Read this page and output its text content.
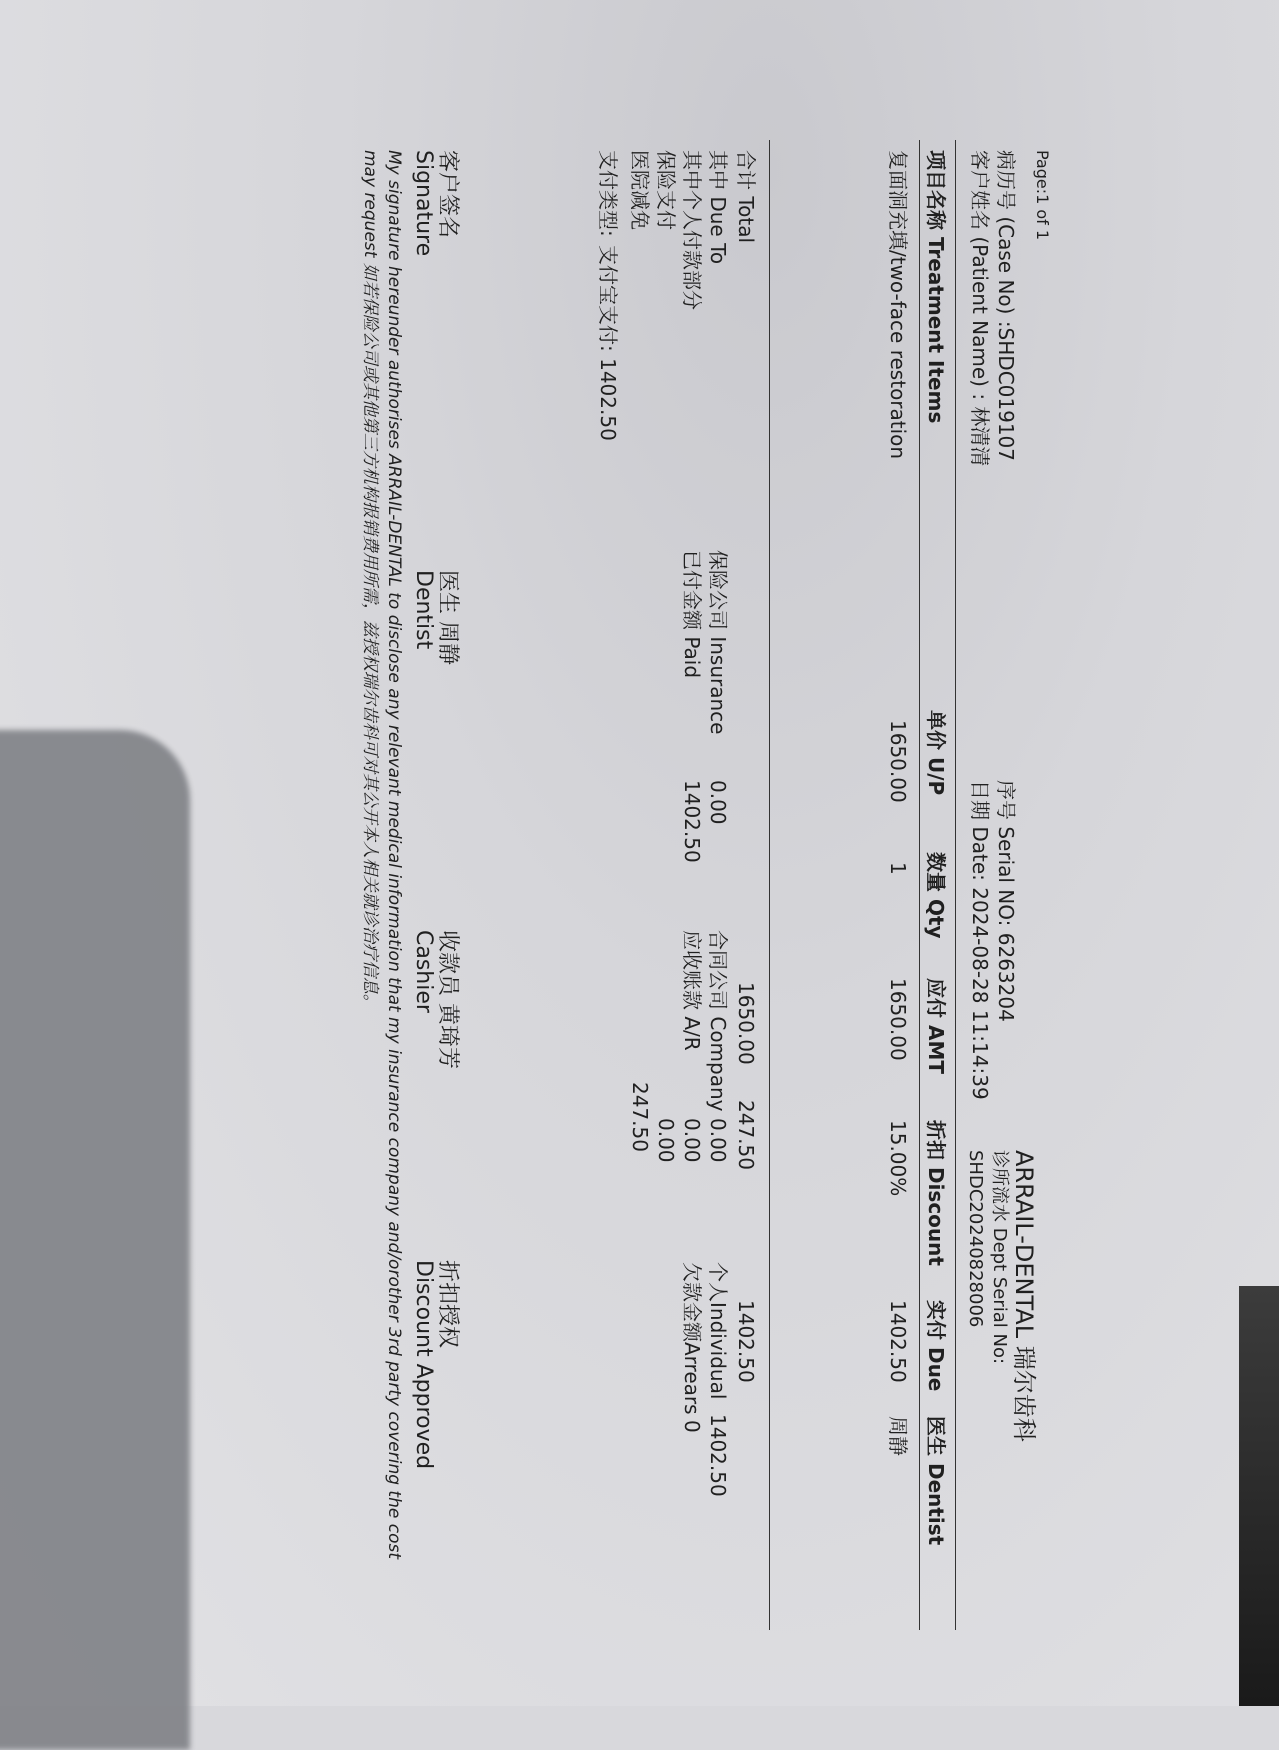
Page:1 of 1
ARRAIL-DENTAL 瑞尔齿科
诊所流水 Dept Serial No:
SHDC20240828006
病历号 (Case No) :SHDC019107
客户姓名 (Patient Name) : 林清清
序号 Serial NO: 6263204
日期 Date: 2024-08-28 11:14:39
项目名称 Treatment Items
单价 U/P
数量 Qty
应付 AMT
折扣 Discount
实付 Due
医生 Dentist
复面洞充填/two-face restoration
1650.00
1
1650.00
15.00%
1402.50
周静
合计 Total
1650.00
247.50
1402.50
其中 Due To
保险公司 Insurance
0.00
合同公司 Company
0.00
个人Individual
1402.50
其中个人付款部分
已付金额 Paid
1402.50
应收账款 A/R
0.00
欠款金额Arrears
0
保险支付
0.00
医院减免
247.50
支付类型:
支付宝支付: 1402.50
客户签名
Signature
医生 周静
Dentist
收款员 黄琦芳
Cashier
折扣授权
Discount Approved
My signature hereunder authorises ARRAIL-DENTAL to disclose any relevant medical information that my insurance company and/orother 3rd party covering the cost
may request 如若保险公司或其他第三方机构报销费用所需，兹授权瑞尔齿科可对其公开本人相关就诊治疗信息。
